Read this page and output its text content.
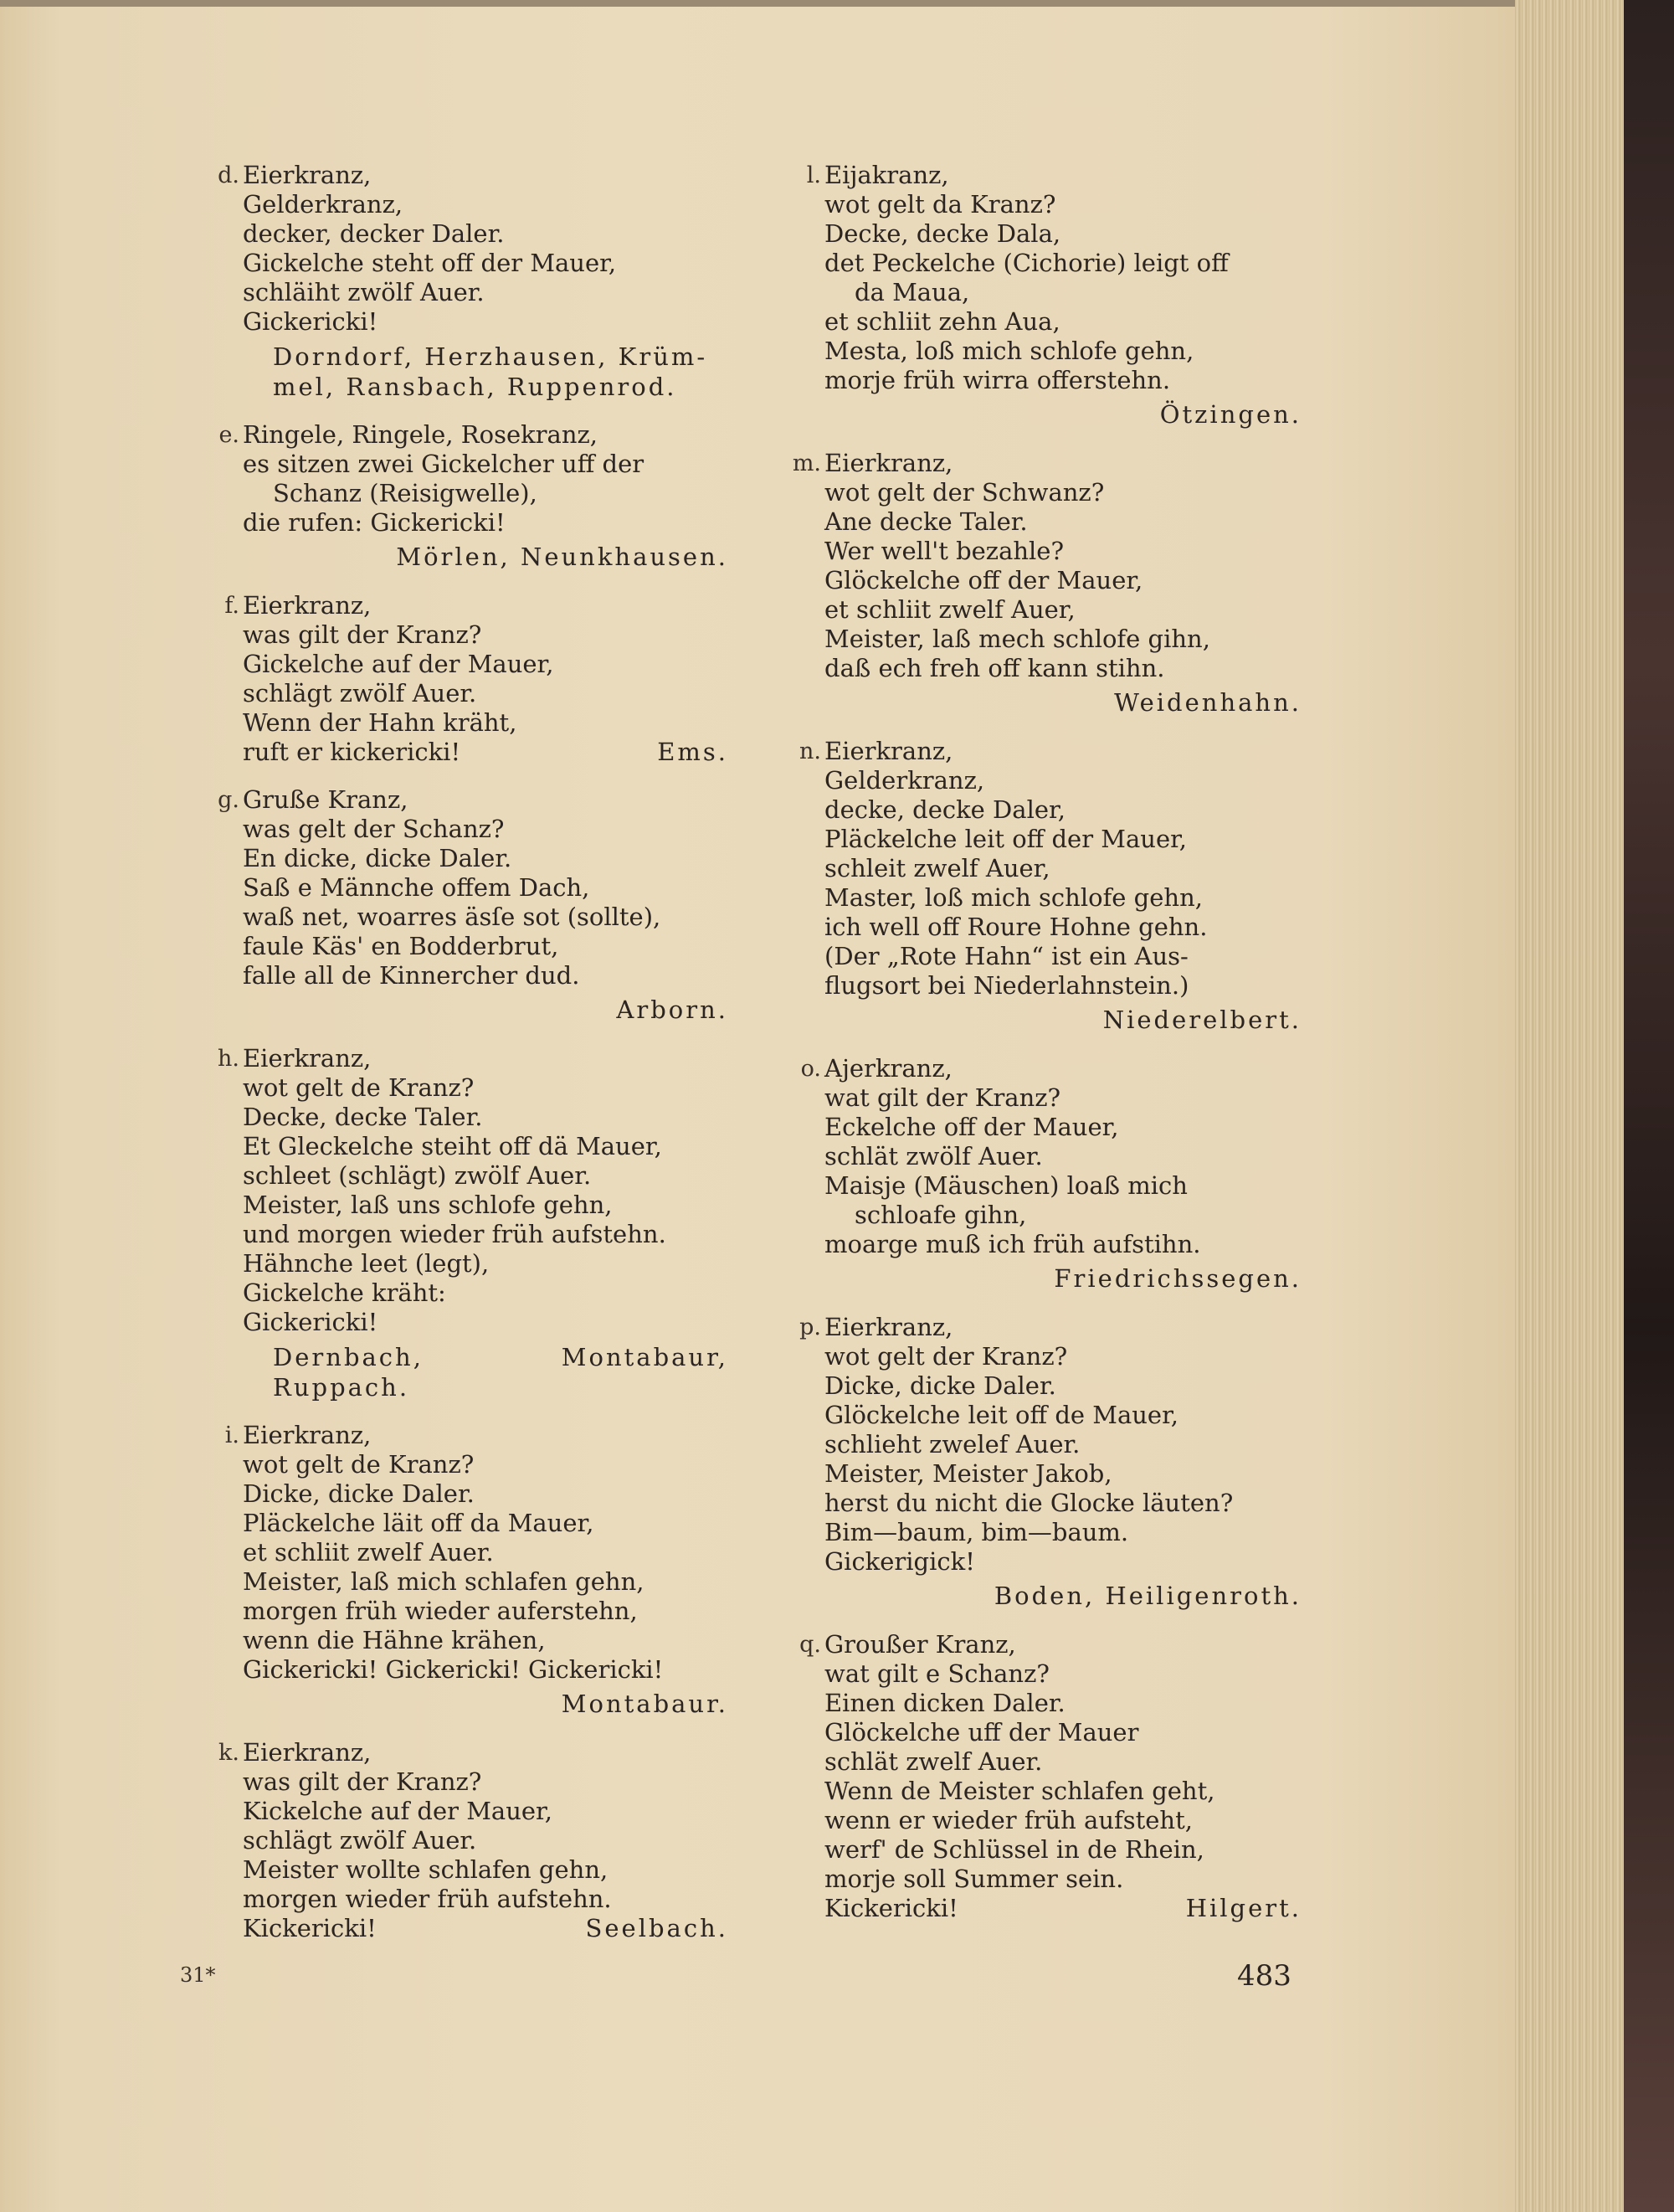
d. Eierkranz,
Gelderkranz,
decker, decker Daler.
Gickelche steht off der Mauer,
schläiht zwölf Auer.
Gickericki!
Dorndorf, Herzhausen, Krüm-
mel, Ransbach, Ruppenrod.
e. Ringele, Ringele, Rosekranz,
es sitzen zwei Gickelcher uff der
Schanz (Reisigwelle),
die rufen: Gickericki!
Mörlen, Neunkhausen.
f. Eierkranz,
was gilt der Kranz?
Gickelche auf der Mauer,
schlägt zwölf Auer.
Wenn der Hahn kräht,
ruft er kickericki!	Ems.
g. Gruße Kranz,
was gelt der Schanz?
En dicke, dicke Daler.
Saß e Männche offem Dach,
waß net, woarres äsſe sot (sollte),
faule Käs' en Bodderbrut,
falle all de Kinnercher dud.
Arborn.
h. Eierkranz,
wot gelt de Kranz?
Decke, decke Taler.
Et Gleckelche steiht off dä Mauer,
schleet (schlägt) zwölf Auer.
Meister, laß uns schlofe gehn,
und morgen wieder früh aufstehn.
Hähnche leet (legt),
Gickelche kräht:
Gickericki!
Dernbach,	Montabaur,
Ruppach.
i. Eierkranz,
wot gelt de Kranz?
Dicke, dicke Daler.
Pläckelche läit off da Mauer,
et schliit zwelf Auer.
Meister, laß mich schlafen gehn,
morgen früh wieder auferstehn,
wenn die Hähne krähen,
Gickericki! Gickericki! Gickericki!
Montabaur.
k. Eierkranz,
was gilt der Kranz?
Kickelche auf der Mauer,
schlägt zwölf Auer.
Meister wollte schlafen gehn,
morgen wieder früh aufstehn.
Kickericki!	Seelbach.
l. Eijakranz,
wot gelt da Kranz?
Decke, decke Dala,
det Peckelche (Cichorie) leigt off
da Maua,
et schliit zehn Aua,
Mesta, loß mich schlofe gehn,
morje früh wirra offerstehn.
Ötzingen.
m. Eierkranz,
wot gelt der Schwanz?
Ane decke Taler.
Wer well't bezahle?
Glöckelche off der Mauer,
et schliit zwelf Auer,
Meister, laß mech schlofe gihn,
daß ech freh off kann stihn.
Weidenhahn.
n. Eierkranz,
Gelderkranz,
decke, decke Daler,
Pläckelche leit off der Mauer,
schleit zwelf Auer,
Master, loß mich schlofe gehn,
ich well off Roure Hohne gehn.
(Der „Rote Hahn“ ist ein Aus-
flugsort bei Niederlahnstein.)
Niederelbert.
o. Ajerkranz,
wat gilt der Kranz?
Eckelche off der Mauer,
schlät zwölf Auer.
Maisje (Mäuschen) loaß mich
schloafe gihn,
moarge muß ich früh aufstihn.
Friedrichssegen.
p. Eierkranz,
wot gelt der Kranz?
Dicke, dicke Daler.
Glöckelche leit off de Mauer,
schlieht zwelef Auer.
Meister, Meister Jakob,
herst du nicht die Glocke läuten?
Bim—baum, bim—baum.
Gickerigick!
Boden, Heiligenroth.
q. Groußer Kranz,
wat gilt e Schanz?
Einen dicken Daler.
Glöckelche uff der Mauer
schlät zwelf Auer.
Wenn de Meister schlafen geht,
wenn er wieder früh aufsteht,
werf' de Schlüssel in de Rhein,
morje soll Summer sein.
Kickericki!	Hilgert.
31*	483
